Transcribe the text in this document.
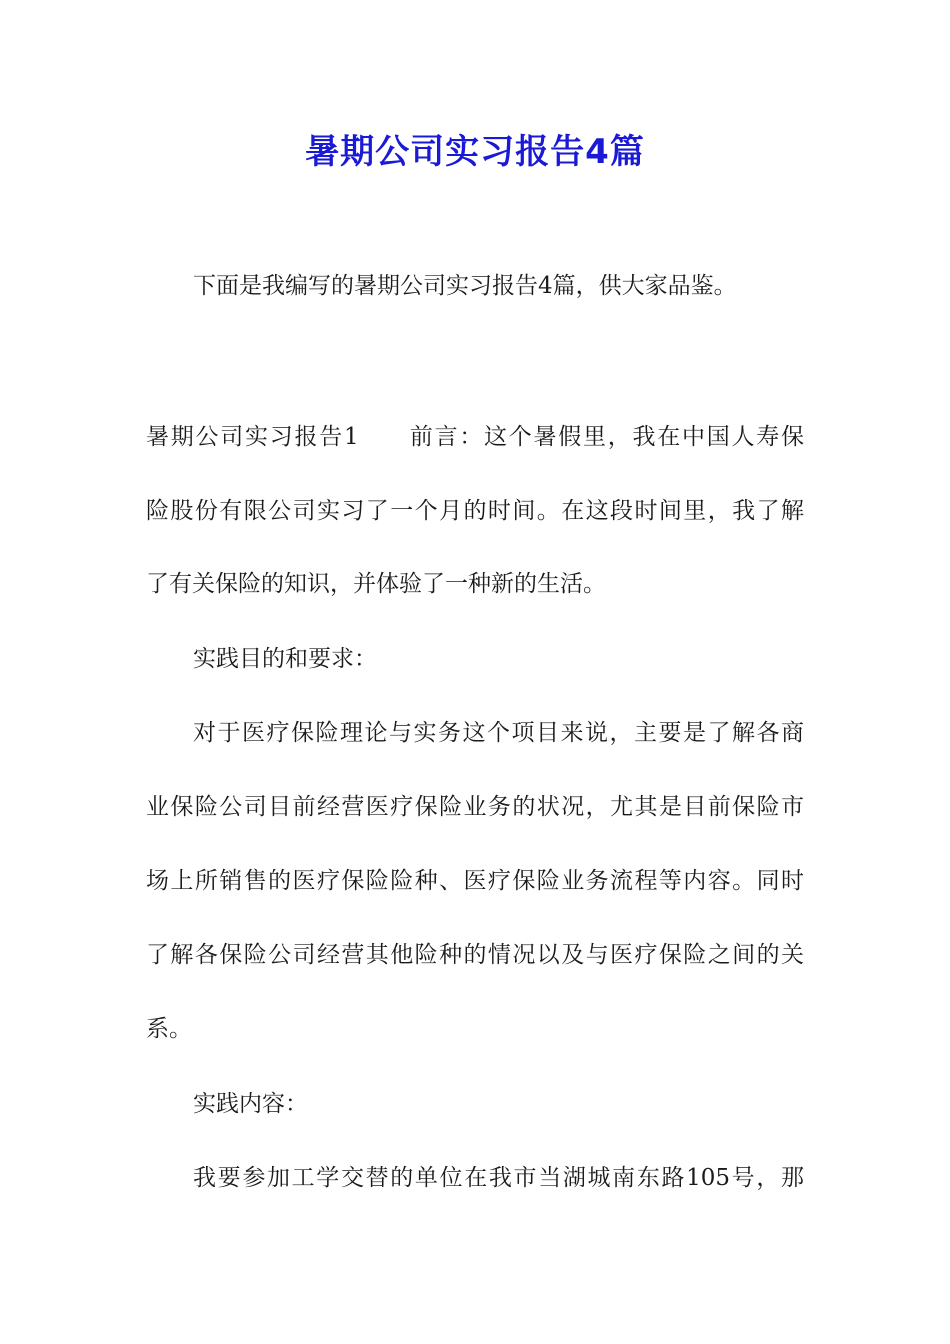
暑期公司实习报告4篇
下面是我编写的暑期公司实习报告4篇，供大家品鉴。
暑期公司实习报告1　　前言：这个暑假里，我在中国人寿保
险股份有限公司实习了一个月的时间。在这段时间里，我了解
了有关保险的知识，并体验了一种新的生活。
实践目的和要求：
对于医疗保险理论与实务这个项目来说，主要是了解各商
业保险公司目前经营医疗保险业务的状况，尤其是目前保险市
场上所销售的医疗保险险种、医疗保险业务流程等内容。同时
了解各保险公司经营其他险种的情况以及与医疗保险之间的关
系。
实践内容：
我要参加工学交替的单位在我市当湖城南东路105号，那
